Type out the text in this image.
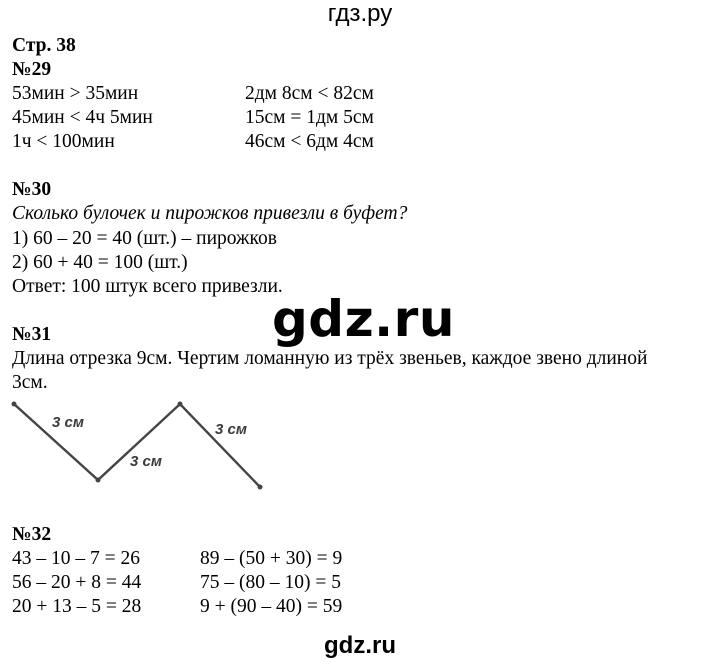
гдз.ру
Стр. 38
№29
53мин > 35мин
45мин < 4ч 5мин
1ч < 100мин
2дм 8см < 82см
15см = 1дм 5см
46см < 6дм 4см
№30
Сколько булочек и пирожков привезли в буфет?
1) 60 – 20 = 40 (шт.) – пирожков
2) 60 + 40 = 100 (шт.)
Ответ: 100 штук всего привезли.
gdz.ru
№31
Длина отрезка 9см. Чертим ломанную из трёх звеньев, каждое звено длиной
3см.
3 см
3 см
3 см
№32
43 – 10 – 7 = 26
56 – 20 + 8 = 44
20 + 13 – 5 = 28
89 – (50 + 30) = 9
75 – (80 – 10) = 5
9 + (90 – 40) = 59
gdz.ru
